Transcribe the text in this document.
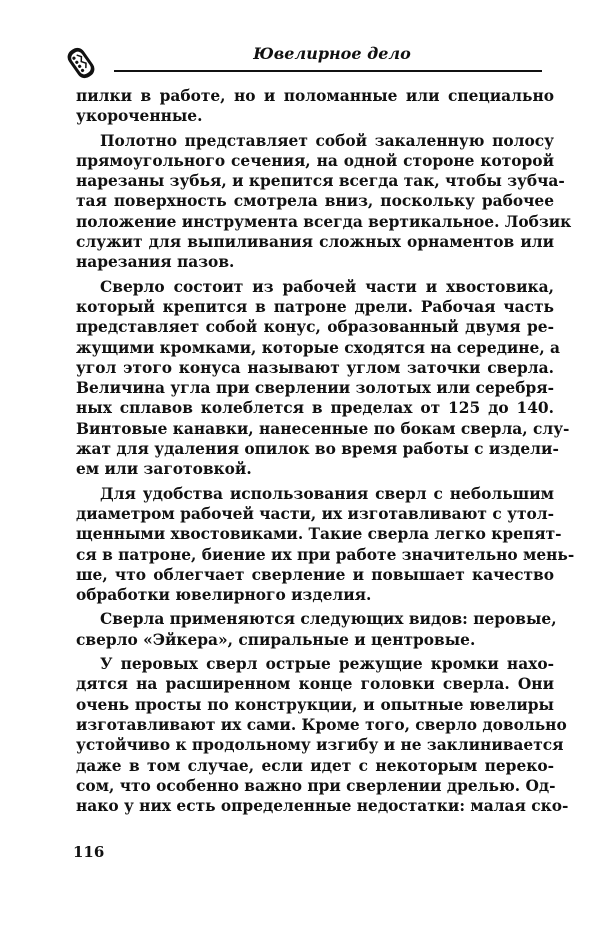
Ювелирное дело

пилки в работе, но и поломанные или специально
укороченные.

Полотно представляет собой закаленную полосу
прямоугольного сечения, на одной стороне которой
нарезаны зубья, и крепится всегда так, чтобы зубча-
тая поверхность смотрела вниз, поскольку рабочее
положение инструмента всегда вертикальное. Лобзик
служит для выпиливания сложных орнаментов или
нарезания пазов.

Сверло состоит из рабочей части и хвостовика,
который крепится в патроне дрели. Рабочая часть
представляет собой конус, образованный двумя ре-
жущими кромками, которые сходятся на середине, а
угол этого конуса называют углом заточки сверла.
Величина угла при сверлении золотых или серебря-
ных сплавов колеблется в пределах от 125 до 140.
Винтовые канавки, нанесенные по бокам сверла, слу-
жат для удаления опилок во время работы с издели-
ем или заготовкой.

Для удобства использования сверл с небольшим
диаметром рабочей части, их изготавливают с утол-
щенными хвостовиками. Такие сверла легко крепят-
ся в патроне, биение их при работе значительно мень-
ше, что облегчает сверление и повышает качество
обработки ювелирного изделия.

Сверла применяются следующих видов: перовые,
сверло «Эйкера», спиральные и центровые.

У перовых сверл острые режущие кромки нахо-
дятся на расширенном конце головки сверла. Они
очень просты по конструкции, и опытные ювелиры
изготавливают их сами. Кроме того, сверло довольно
устойчиво к продольному изгибу и не заклинивается
даже в том случае, если идет с некоторым переко-
сом, что особенно важно при сверлении дрелью. Од-
нако у них есть определенные недостатки: малая ско-

116
